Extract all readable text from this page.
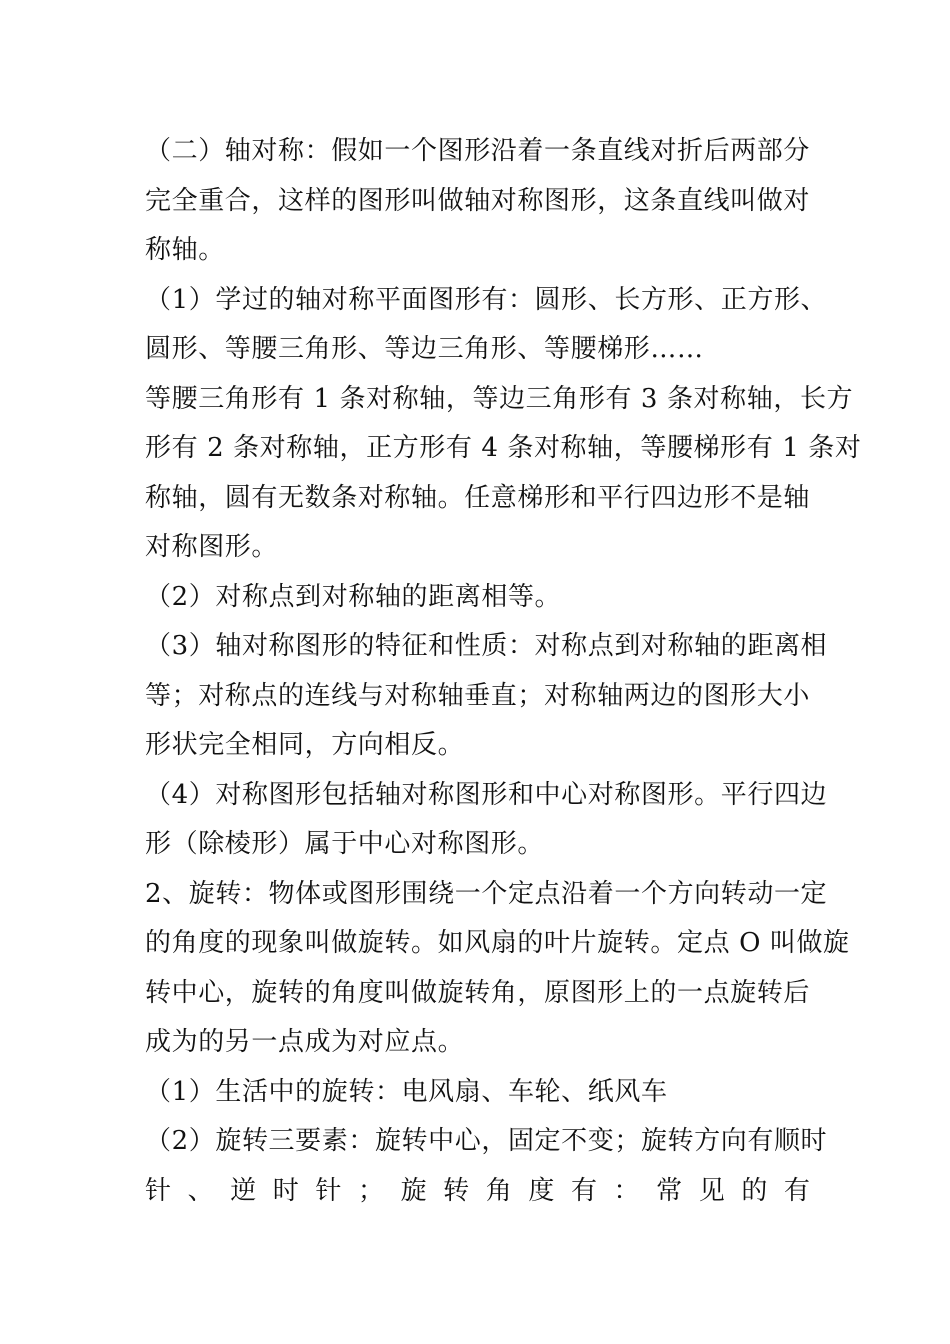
（二）轴对称：假如一个图形沿着一条直线对折后两部分
完全重合，这样的图形叫做轴对称图形，这条直线叫做对
称轴。
（1）学过的轴对称平面图形有：圆形、长方形、正方形、
圆形、等腰三角形、等边三角形、等腰梯形……
等腰三角形有 1 条对称轴，等边三角形有 3 条对称轴，长方
形有 2 条对称轴，正方形有 4 条对称轴，等腰梯形有 1 条对
称轴，圆有无数条对称轴。任意梯形和平行四边形不是轴
对称图形。
（2）对称点到对称轴的距离相等。
（3）轴对称图形的特征和性质：对称点到对称轴的距离相
等；对称点的连线与对称轴垂直；对称轴两边的图形大小
形状完全相同，方向相反。
（4）对称图形包括轴对称图形和中心对称图形。平行四边
形（除棱形）属于中心对称图形。
2、旋转：物体或图形围绕一个定点沿着一个方向转动一定
的角度的现象叫做旋转。如风扇的叶片旋转。定点 O 叫做旋
转中心，旋转的角度叫做旋转角，原图形上的一点旋转后
成为的另一点成为对应点。
（1）生活中的旋转：电风扇、车轮、纸风车
（2）旋转三要素：旋转中心，固定不变；旋转方向有顺时
针 、 逆 时 针 ； 旋 转 角 度 有 ： 常 见 的 有
